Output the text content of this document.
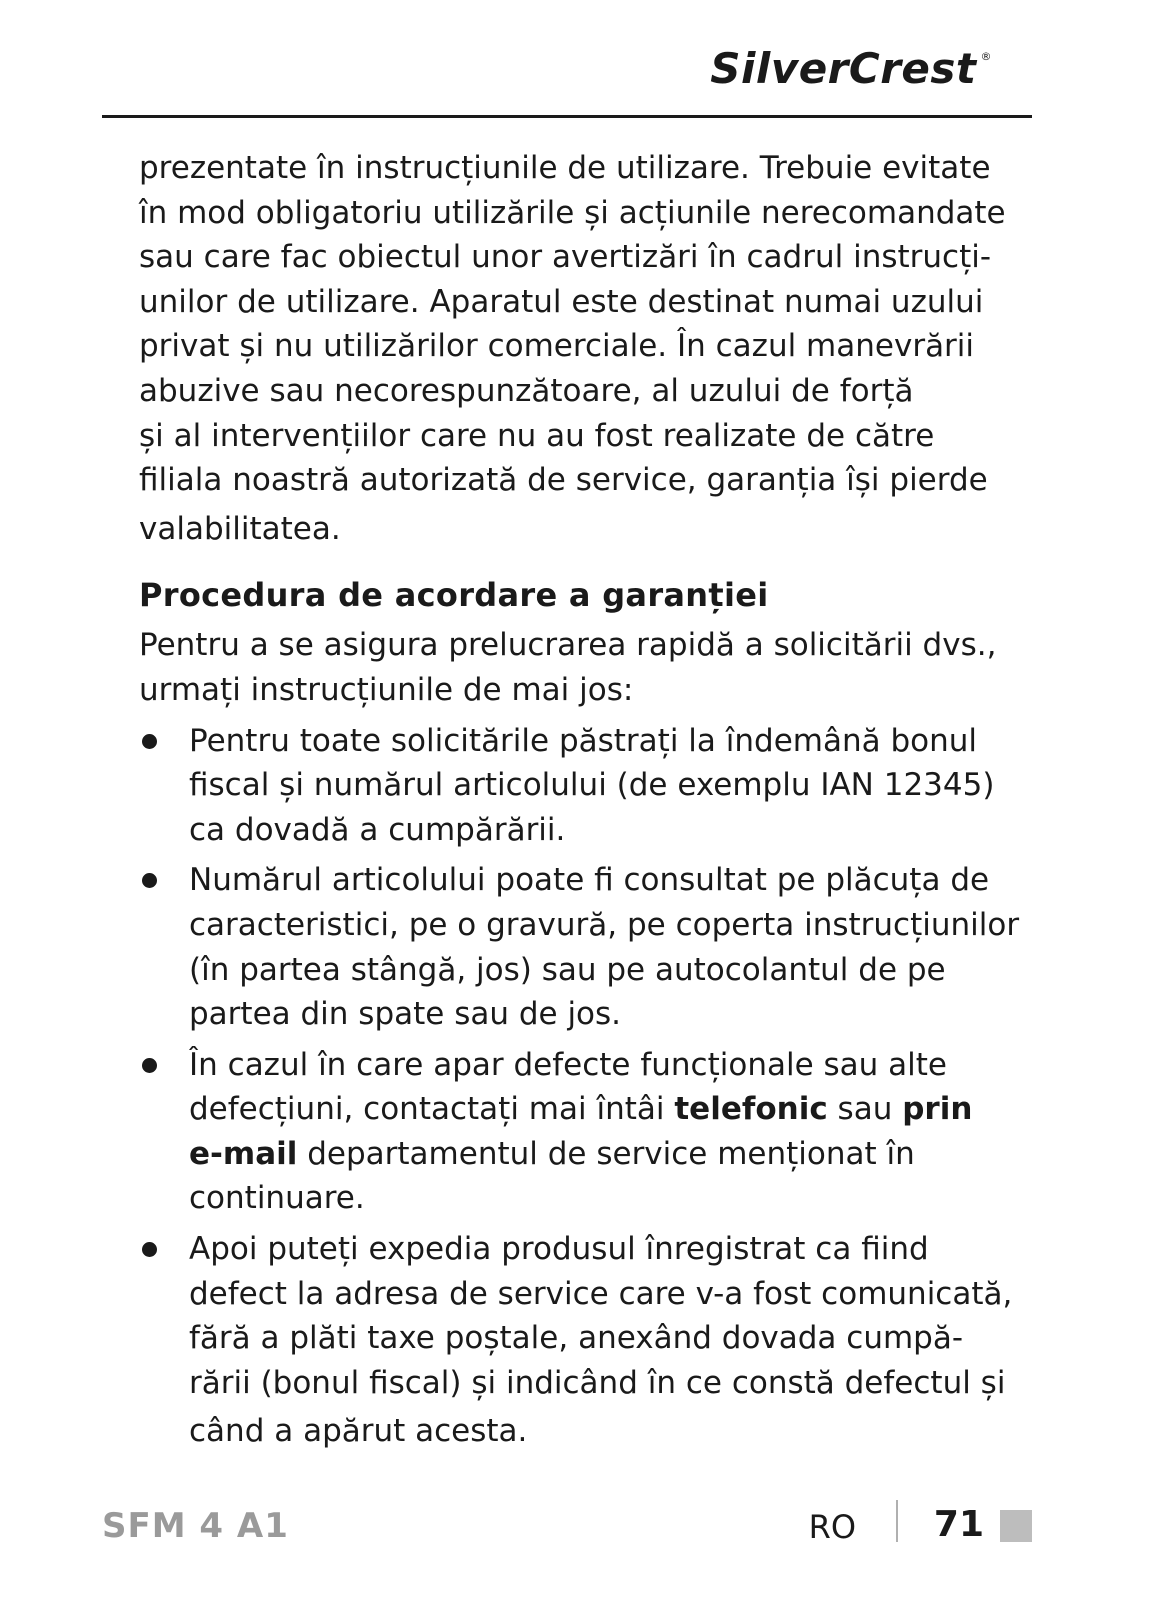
SilverCrest ®

prezentate în instrucțiunile de utilizare. Trebuie evitate
în mod obligatoriu utilizările și acțiunile nerecomandate
sau care fac obiectul unor avertizări în cadrul instrucți-
unilor de utilizare. Aparatul este destinat numai uzului
privat și nu utilizărilor comerciale. În cazul manevrării
abuzive sau necorespunzătoare, al uzului de forță
și al intervențiilor care nu au fost realizate de către
filiala noastră autorizată de service, garanția își pierde
valabilitatea.

Procedura de acordare a garanției

Pentru a se asigura prelucrarea rapidă a solicitării dvs.,
urmați instrucțiunile de mai jos:

Pentru toate solicitările păstrați la îndemână bonul
fiscal și numărul articolului (de exemplu IAN 12345)
ca dovadă a cumpărării.
Numărul articolului poate fi consultat pe plăcuța de
caracteristici, pe o gravură, pe coperta instrucțiunilor
(în partea stângă, jos) sau pe autocolantul de pe
partea din spate sau de jos.
În cazul în care apar defecte funcționale sau alte
defecțiuni, contactați mai întâi telefonic sau prin
e-mail departamentul de service menționat în
continuare.
Apoi puteți expedia produsul înregistrat ca fiind
defect la adresa de service care v-a fost comunicată,
fără a plăti taxe poștale, anexând dovada cumpă-
rării (bonul fiscal) și indicând în ce constă defectul și
când a apărut acesta.
SFM 4 A1	RO 71
